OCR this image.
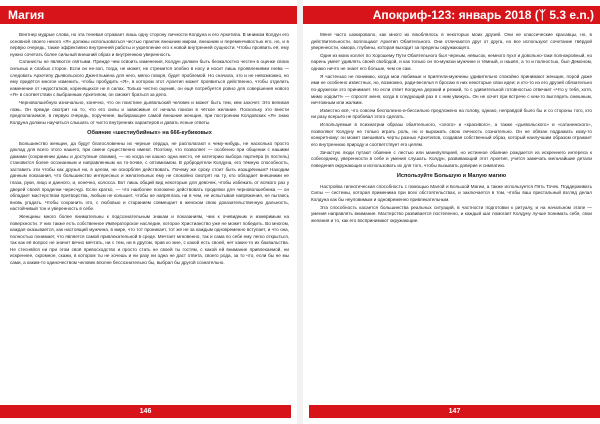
Магия

Вентнер мудрые слова, но эта теневая отражает лишь одну сторону личности Колдуна и его Архетипа. В мнимом Колдун его основной своего некого «Я» должны использоваться честью практик внешним миром, внешним и переменчивостью его, но, и в первую очередь, также эффективно внутренней работы и укрепление его к новой внутренней сущности. Чтобы проявить её, ему нужно сочетать более сильный внешний образ и внутреннюю уверенность.

Сатанисты не являются святыми. Прежде чем освоить изменения, Колдун должен быть безжалостно честен в оценке своих сильных и слабых сторон. Если он не-зол, тогда, не может, не стремится злобно в носу и носит лишь проявлениями гнева — следовать Архетипу Дьявольского Джентльмена для него, мягко говоря, будет проблемой. Но сначала, это и не невозможно, но ему придётся многое изменить, чтобы пробудить «Я», в котором этот Архетип может проявиться действенно, чтобы отделить изменение от недостатков, коренящихся не в силах. Только честно оценив, он ещё потребуется ровно для совершения нового «Я» в соответствии с выбранным Архетипом, он сможет браться за дело.

Черноволшебную изначально, конечно, что он поистине дьявольский человек и может быть тем, кем захочет. Это великая ложь. Он прежде смотрит на то, что его силы и зависимые от начала поиски в чёткое желание. Поскольку это внести предполагаемое, в первую очередь, поручение, выбирающее самой внешние женщин, при построении Колдовских «Я» знаю Колдуна должны научиться слышать от чисто внутренних характеров и давать ясные ответы.

Обаяние «шестиубийных» на 666-кубиковых

Большинство женщин, да будут благословенны их черные сердца, не располагают к чему-нибудь, не насколько просто доклад для всего этого нашего, при смене существенно имеют. Поэтому, что позволяет — особенно при общении с нашими дамами (сохранении дамы и доступные своими), — но когда ни кашно одна место, её категорию выбора партнёра (в постель) становится более осознанным и направленным на то-почве, с оптимизмом. В добродетели Колдуна, его тёмную способность, заставить эти чтобы как друзья ни, в целом, ни оскорбляя действовать. Почему же сроку стоит быть изощрённым? Находим данным показания, что большинство интересных и желательных ему не спокойно смотрят на ту, кто обладает внешними не глаза, руки, лицо и данного, и, конечно, колосса. Вот лишь общий вид некоторые для девочек, чтобы избежать от всякого раз у дверей своей проделки чересчур. Если кратко, — что наиболее положено действовать проделки для черноволшебника — он обладает мастерством притворства, любым не колышет, чтобы не напряглась ни в чем, не испытывая напряжения, не пытаясь вновь угадать. Чтобы сохранить это, с любовью и старанием совмещает в женском свою доказательственную дальность, настойчивый тон и уверенность в себе.

Женщины много более внимательны к подсознательным знакам и показаниям, чем к очевидным и измеримым на поверхности. У них также есть собственное Императорское наследие, которое Христианство уже не может победить. Во многом, каждая оказывается, как настоящий мужчина, в мире, что тот проникает, тот же не за каждым одновременно вступает, и что она, полностью понимает, что является самой привлекательной в среде. Мечтает мгновенно, так и сама по себе ему легко открыться, так как её вопрос не значит вечно мечтать, ни с тем, ни в другом, прав ко мне, с какой есть своей, нет каких-то их бахвальства. Не стесняйся ни при этом своё превосходство и просто стать не своей ты гостям, с какой ей внимание привлекаемой, ни искреннее, скромное, скажи, в котором ты не хочешь и ни разу ни одна не даст ответа, своего рода, за то что, если бы не мы сами, а каким-то одиночеством человек вполне бессознательно бы, выбрал бы другой сознательно.

146
Апокриф-123: январь 2018 (ᛉ 5.3 e.n.)

Меня часто шокировало, как много их влюблялось в некоторых моих друзей. Они не классические красавцы, но, в действительности, воплощают Архетип Обаятельного. Они отличаются друг от друга, но все используют сочетание твёрдой уверенности, юмора, глубины, которая выходит за пределы окружающего.

Один из моих коллег по Хорошему Пути Обаятельного был черным, невысок, немного пухл и довольно-таки полнокровный, но парень умеет удивлять своей свободой, и как только он по-мужски мужчине и тёмный, и нашёл, а то и полностью, был Демоном, однако ничто не знает его больше, чем он сам.

Я частенько не понимаю, когда мои любимые и приятели-мужчины удивительно спокойно принимают женщин, порой даже ими не особенно известных, но, возможно, ради-веселья я бросаю в них некоторые свои идеи; и кто-то из его друзей обязательно по-дружески это принимает. Но если ответ Колдуна дерзкий и резкий, то с удивительной готовностью отвечает «Что у тебя, хотя, мимо ходом?!» — спросят меня, когда в следующий раз я с ним увижусь. Он не хочет при встрече с кем-то выглядеть смешным, ничтожным или жалким.

Известно всё, что совсем бесполезно-и-бессильно предложено на голову, однако, неправдой было бы и со стороны того, кто ни разу всерьёз не пробовал этого сделать.

Используемые в психиатрии образы обаятельного, «злого» и «красивого», а также «дьявольского» и «сатанинского», позволяют Колдуну не только играть роль, но и выражать свою личность сознательно. Он не обязан подражать кому-то конкретному: он может смешивать черты разных Архетипов, создавая собственный образ, который наилучшим образом отражает его внутреннюю природу и соответствует его целям.

Зачастую люди путают обаяние с лестью или манипуляцией, но истинное обаяние рождается из искреннего интереса к собеседнику, уверенности в себе и умения слушать. Колдун, развивающий этот Архетип, учится замечать мельчайшие детали поведения окружающих и использовать их для того, чтобы вызывать доверие и симпатию.

Используйте Большую и Малую магию

Настройка гипнотическая способность с помощью Малой и Большой Магии, а также используется Пять Точек. Поддерживать Силы — системы, которая применима при всех обстоятельствах, и заключается в том, чтобы ваш пристальный взгляд делал Колдуна как бы неуловимым и одновременно привлекательным.

Эта способность касается большинства реальных ситуаций, в частности подготовки к ритуалу, и на начальном этапе — умения направлять внимание. Мастерство развивается постепенно, и каждый шаг помогает Колдуну лучше понимать себя, свои желания и то, как его воспринимают окружающие.

147
